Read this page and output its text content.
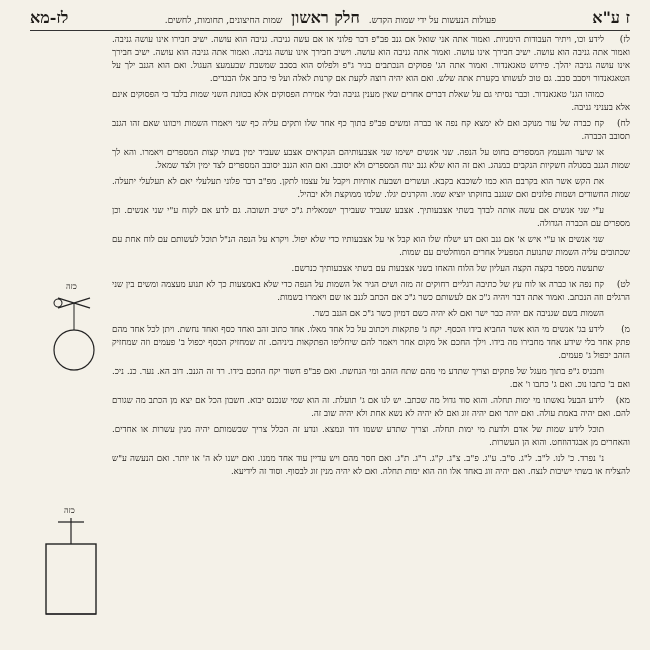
ז ע"א
פעולות הנעשות על ידי שמות הקדש. חלק ראשון שמות החיצונים, תחומות, לחשים.
לז-מא
לז)לידע וכו, ויתיר העבודות הימניות. ואמור אתה אני שואל אם גנב פב"פ דבר פלוני או אם עשה גניבה. גניבה הוא עושה. ישיב חבירו אינו עושה גניבה. ואמור אתה גניבה הוא עושה. ישיב חבירך אינו עושה. ואמור אתה גניבה הוא עושה. וישיב חבירך אינו עושה גניבה. ואמור אתה גניבה הוא עושה. ישיב חבירך אינו עושה גניבה יהלך. פירוש טאגאנדור. ואמור אתה הג' פסוקים הנכתבים בגיר ג"פ ולפלוס הוא בסבב שמשבת שבעמעצ העגול. ואם הוא הגנב ילך על הטאגאנדור ויסבב סבב. גם טוב לעשותו בקערת אתה שלש. ואם הוא יהיה רוצה לקעת אם קרנות לאלה ועל פי כתב אלו הבגדים.
כמוהו הגנ' טאגאנדור. וכבר נסיתי גם על שאלת דברים אחרים שאין מענין גניבה ובלי אמירת הפסוקים אלא בכוונת השני שמות בלבד כי הפסוקים אינם אלא בעניני גניבה.
לח)קח כברה של עור מנוקב ואם לא ימצא קח נפה או כברה ומשים פב"פ בתוך כף אחד שלו ותקים עליה כף שני ויאמרו השמות ויכוונו שאם זהו הגנב תסובב הכברה.
או שיער והנעמץ המספרים בחוט על הנפה. שני אנשים ישימו שני אצבעותיהם הנקראים אצבע שעביד ימין בשתי קצות המספרים ויאמרו. והא לך שמות הגנב בסגולה חשקיות הנקבים כמנהג. ואם זה הוא שלא גנב ינוח המספרים ולא יסובב. ואם הוא הגנב יסובב המספרים לצד ימין ולצד שמאל.
את הקש אשר הוא בקרבם הוא כמו לשוכבא בקבא. ועשרים ושבעת אותיות ויקבל על עצמו לתקן. מפ"ב דבר פלוני תעלעלי יאם לא תעלעלי יתעלה. שמות החשודים ושמות פלונים ואם שנגנב בחזקתו יוציא שמו. והקרנים יגלו. שלמו ממוקצת ולא יבהיל.
ע"י שני אנשים אם עשה אותה לבדך בשתי אצבעותיך. אצבע שעביד שעבירך ישמאלית ג"כ ישיב תשובה. גם לדע אם לקוח ע"י שני אנשים. וכן מספרים עם הכברה הגדולה.
שני אנשים או ע"י איש א' אם גנב ואם דע ישלח שלו הוא קבל אי על אצבעותיו כדי שלא יפול. ויקרא על הנפה הנ"ל תוכל לעשותם עם לוח אחת עם שכתובים עליה השמות שתנועת המפעיל אחרים המוחלטים עם שמות.
שתעשה מספר בקצה הקצה העליון של הלוח והאחז בשני אצבעות עם בשתי אצבעותיך כנרשם.
לט)קח נפה או כברה או לוח עץ של כתיבה רגליים רחוקים זה מזה ושים הגיר אל השמות על הנפה כדי שלא באמצעות כך לא תנוע מעצמה ומשים בין שני הרגלים וזה הנכתב. ואמור אתה דבר ויהיה ג"כ אם לעשותם כשר ג"כ אם הכתב לגנב או שם ויאמרו בשמות.
השמות בשם שגניבה אם יהיה כבר ישר ואם לא יהיה כשם דמיון כשר ג"כ אם הגנב כשר.
מ)לידע בג' אנשים מי הוא אשר החביא בידו הכסף. יקח ג' פתקאות ויכתוב על כל אחד מאלו. אחד כתוב זהב ואחד כסף ואחד נחשת. ויתן לכל אחד מהם פתק אחד בלי שידע אחד מחבירו מה בידו. וילך החכם אל מקום אחר ויאמר להם שיחליפו הפתקאות ביניהם. זה שמחזיק הכסף יכפול ב' פעמים וזה שמחזיק הזהב יכפול ג' פעמים.
ותכניס ג"פ בתוך מעגל של פתקים וצריך שתדע מי מהם שתח הזהב ומי הנחשת. ואם פב"פ חשוד יקח החכם בידו. רד זה הגנב. דוב הא. נער. כנ. ניכ. ואם ב' כתבו נוכ. ואם ג' כתבו ו' אם.
מא)לידע הבעל נאשתו מי ימות תחלה. והוא סוד גדול מה שכתב. יש לנו אם ג' תועלת. זה הוא שמי שנכנס יבוא. חשבון הכל אם יצא מן הכתב מה שגורם להם. ואם יהיה באמת עולה. ואם יותר ואם יהיה זוג ואם לא יהיה לא נשא אחת ולא יהיה שוב זה.
תוכל לידע שמות של אדם ולדעת מי ימות תחלה. וצריך שתדע ששמו דוד ונמצא. ונדע זה הכלל צריך שבשמותם יהיה מנין עשרות או אחדים. והאחרים מן אבגדהוזחט. והוא הן העשרות.
נ' נפרד. כ' לנו. ל"ב. ל"ג. ס"ב. ע"ג. פ"ב. צ"ג. ק"ג. ר"ג. ת"ג. ואם חסר מהם ויש עדיין עוד אחד ממנו. ואם ישנו לא ה' או יותר. ואם הנעשה ע"ש להצליח או בשתי ישיבות לנצח. ואם יהיה זוג באחד אלו וזה הוא ימות תחלה. ואם לא יהיה מנין זוג לבסוף. וסוד זה לידיעא.
כזה
כזה
